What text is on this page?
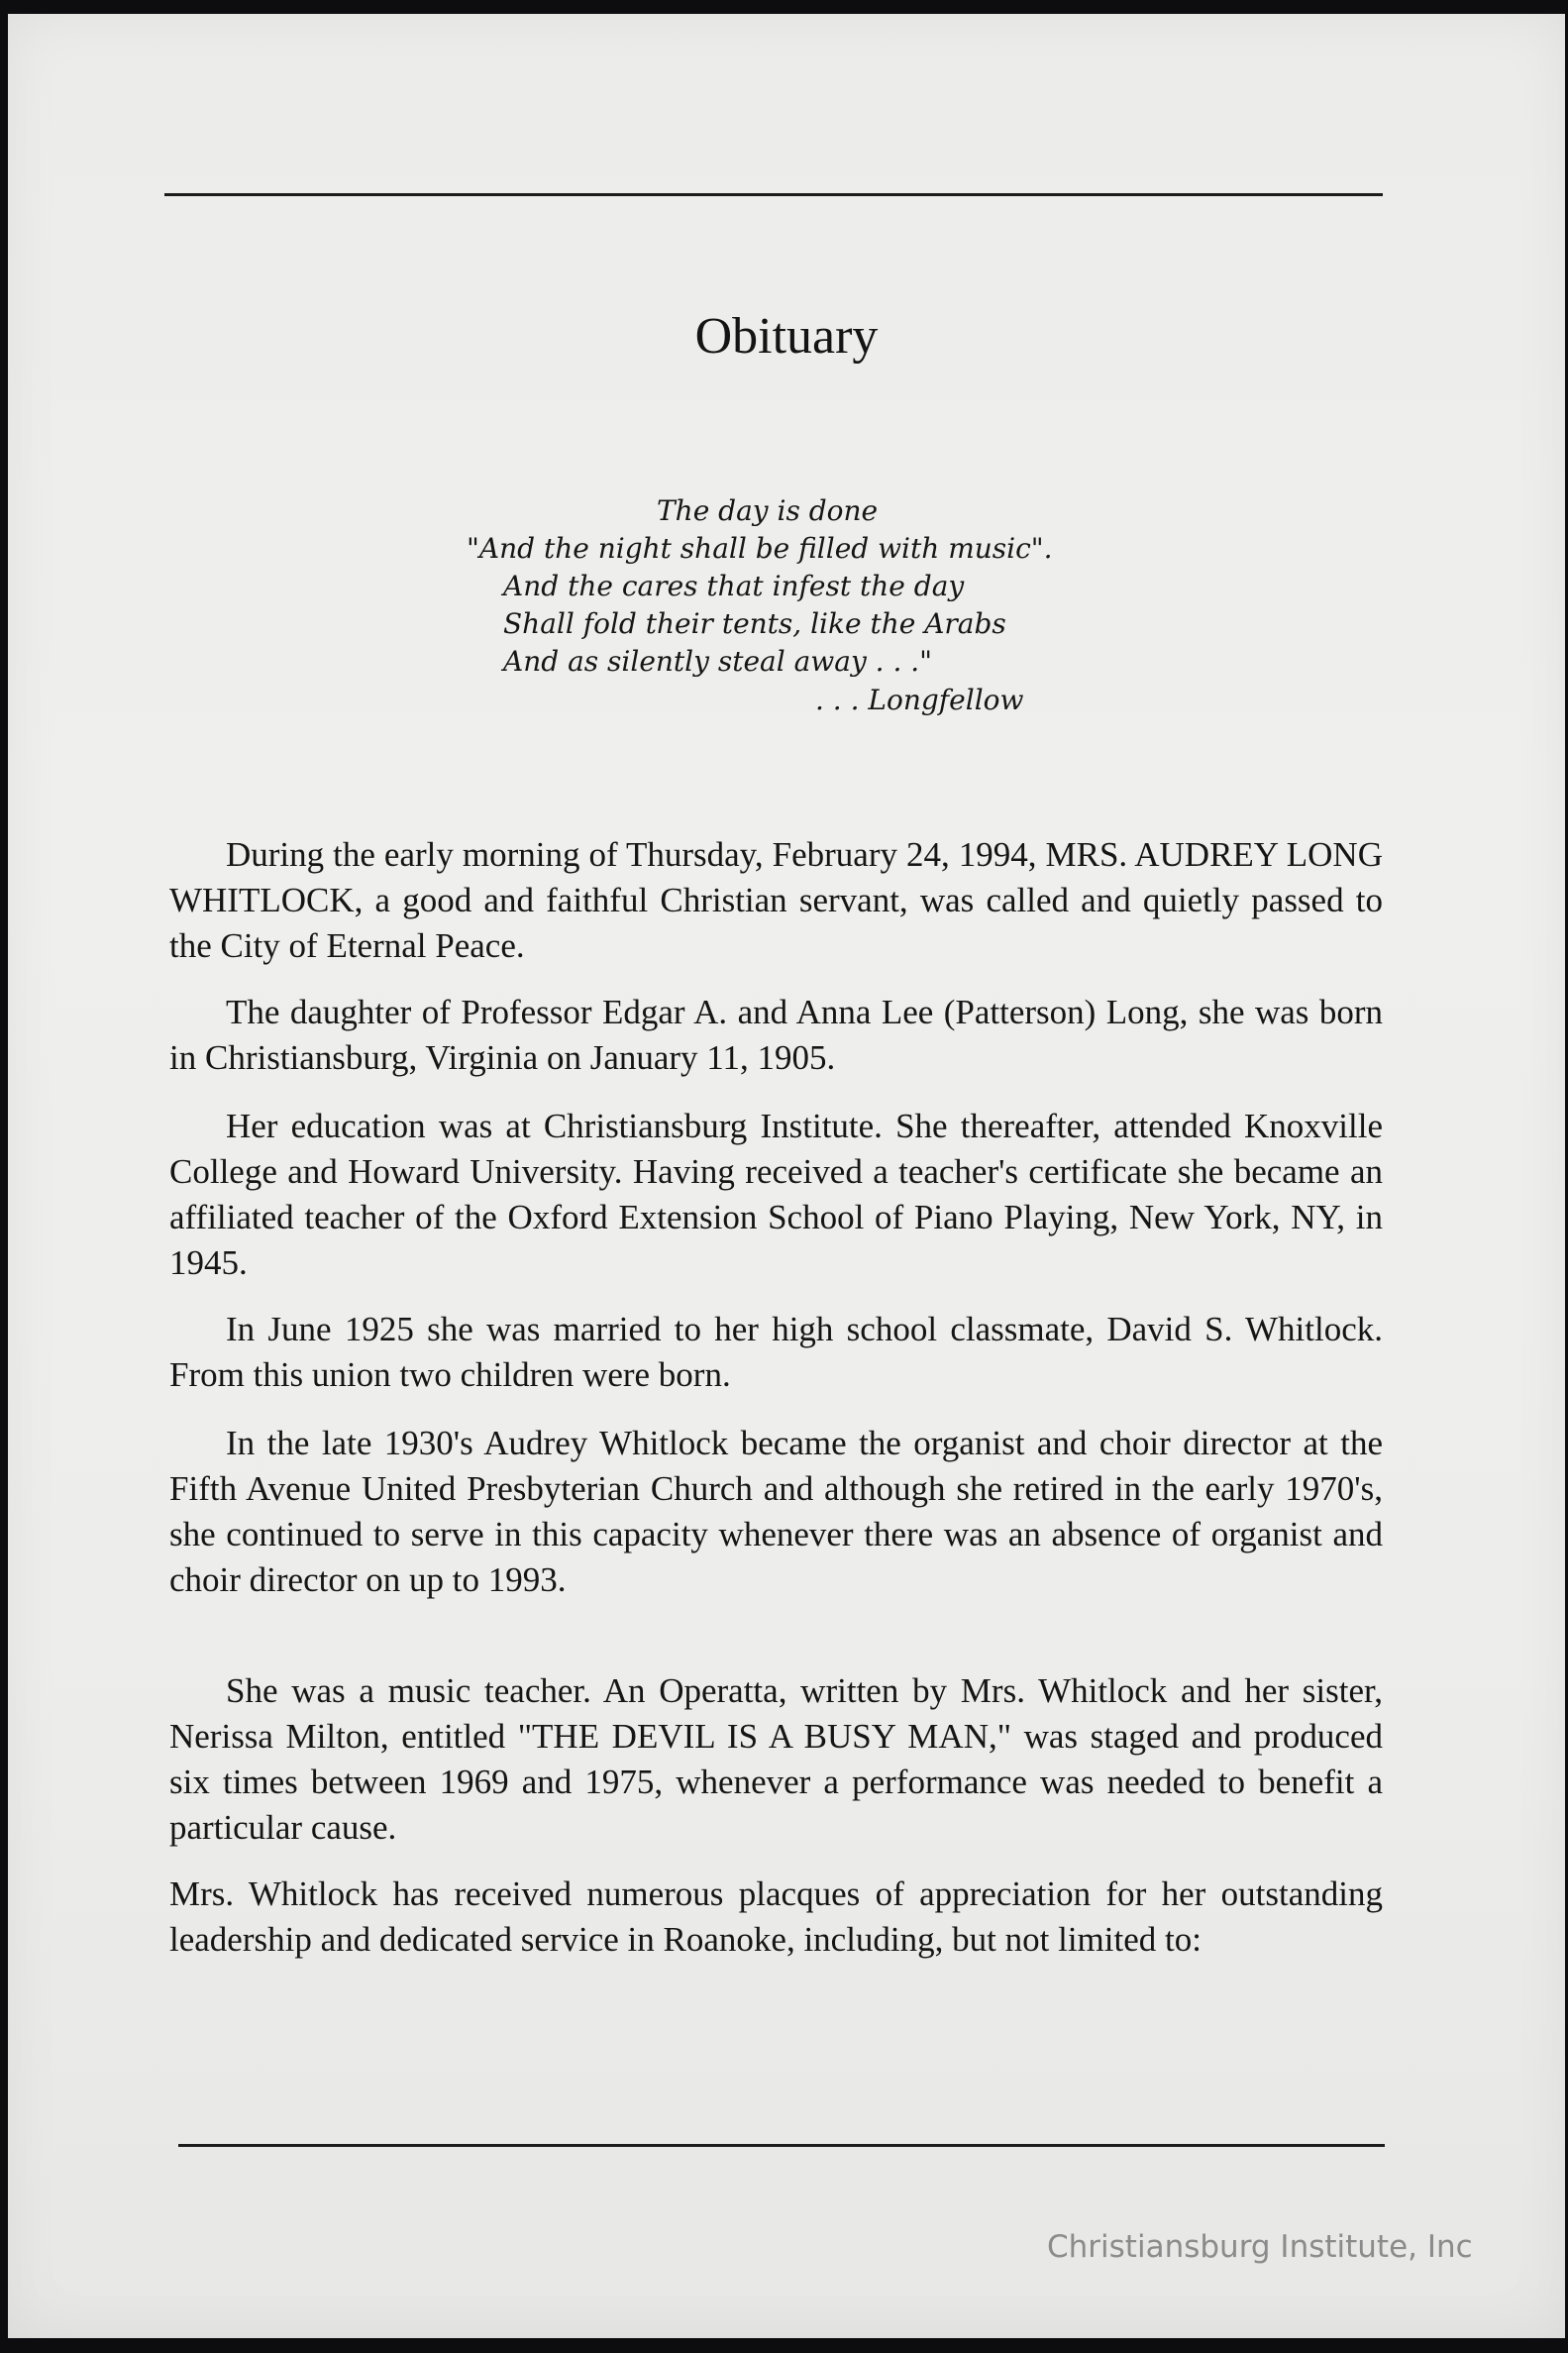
Obituary

The day is done

"And the night shall be filled with music".

And the cares that infest the day

Shall fold their tents, like the Arabs

And as silently steal away . . ."

. . . Longfellow

During the early morning of Thursday, February 24, 1994, MRS. AUDREY LONG WHITLOCK, a good and faithful Christian servant, was called and quietly passed to the City of Eternal Peace.

The daughter of Professor Edgar A. and Anna Lee (Patterson) Long, she was born in Christiansburg, Virginia on January 11, 1905.

Her education was at Christiansburg Institute. She thereafter, attended Knoxville College and Howard University. Having received a teacher's certificate she became an affiliated teacher of the Oxford Extension School of Piano Playing, New York, NY, in 1945.

In June 1925 she was married to her high school classmate, David S. Whitlock. From this union two children were born.

In the late 1930's Audrey Whitlock became the organist and choir director at the Fifth Avenue United Presbyterian Church and although she retired in the early 1970's, she continued to serve in this capacity whenever there was an absence of organist and choir director on up to 1993.

She was a music teacher. An Operatta, written by Mrs. Whitlock and her sister, Nerissa Milton, entitled "THE DEVIL IS A BUSY MAN," was staged and produced six times between 1969 and 1975, whenever a performance was needed to benefit a particular cause.

Mrs. Whitlock has received numerous placques of appreciation for her outstanding leadership and dedicated service in Roanoke, including, but not limited to:

Christiansburg Institute, Inc
